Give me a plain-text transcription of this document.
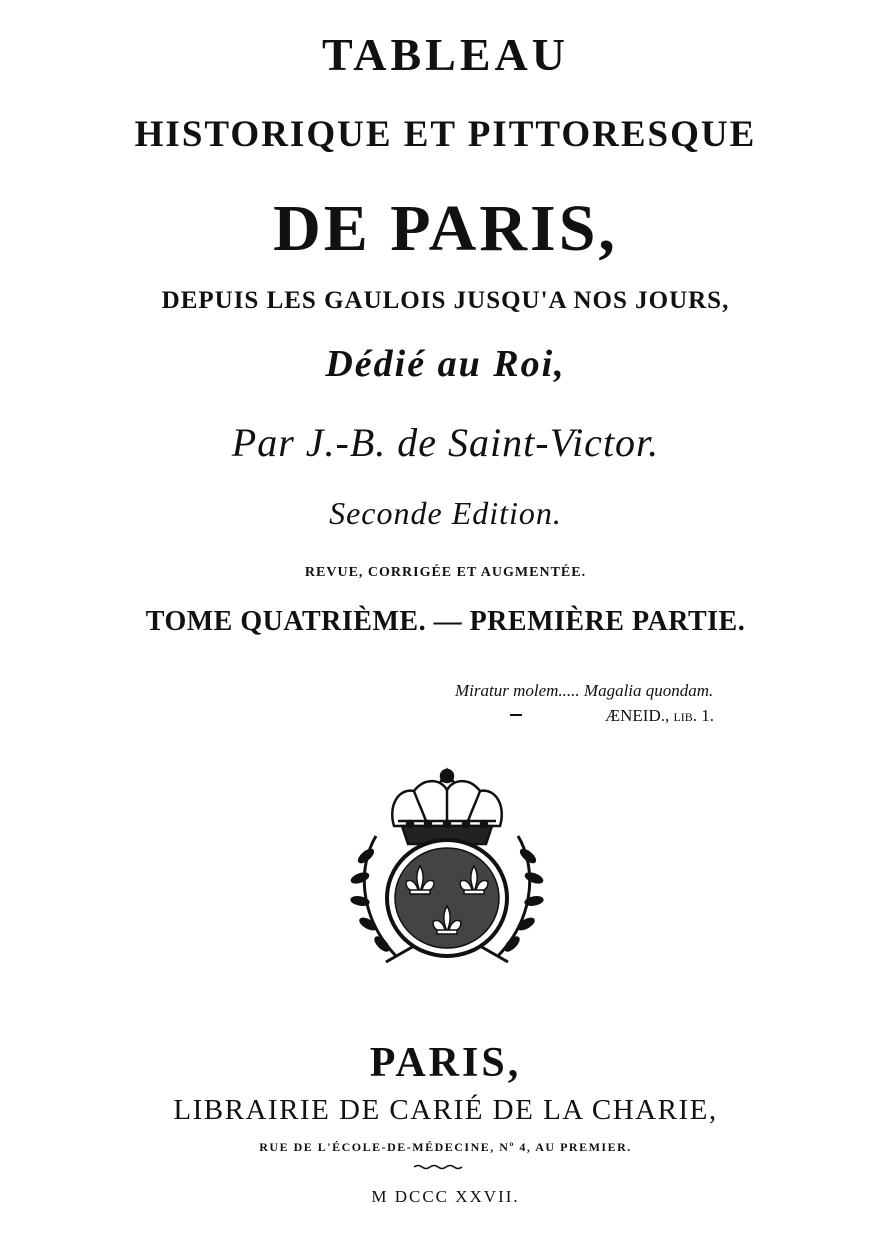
TABLEAU
HISTORIQUE ET PITTORESQUE
DE PARIS,
DEPUIS LES GAULOIS JUSQU'A NOS JOURS,
Dédié au Roi,
Par J.-B. de Saint-Victor.
Seconde Edition.
REVUE, CORRIGÉE ET AUGMENTÉE.
TOME QUATRIÈME. — PREMIÈRE PARTIE.
Miratur molem..... Magalia quondam.
ÆNEID., lib. 1.
PARIS,
LIBRAIRIE DE CARIÉ DE LA CHARIE,
RUE DE L'ÉCOLE-DE-MÉDECINE, Nº 4, AU PREMIER.
M DCCC XXVII.
